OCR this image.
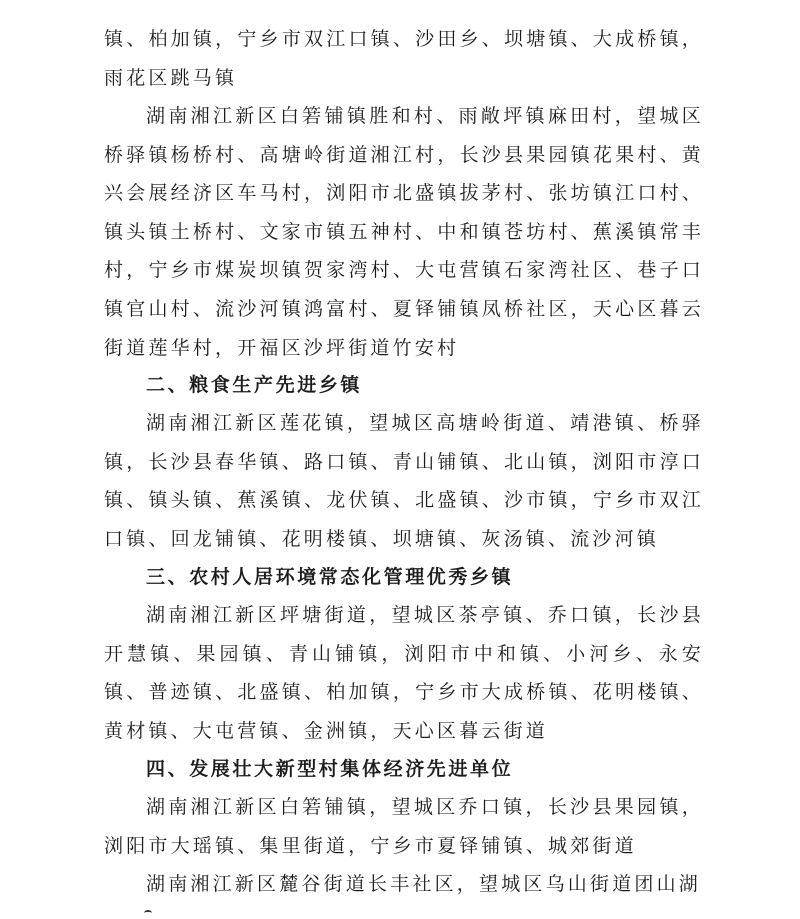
镇、柏加镇，宁乡市双江口镇、沙田乡、坝塘镇、大成桥镇，雨花区跳马镇

湖南湘江新区白箬铺镇胜和村、雨敞坪镇麻田村，望城区桥驿镇杨桥村、高塘岭街道湘江村，长沙县果园镇花果村、黄兴会展经济区车马村，浏阳市北盛镇拔茅村、张坊镇江口村、镇头镇土桥村、文家市镇五神村、中和镇苍坊村、蕉溪镇常丰村，宁乡市煤炭坝镇贺家湾村、大屯营镇石家湾社区、巷子口镇官山村、流沙河镇鸿富村、夏铎铺镇凤桥社区，天心区暮云街道莲华村，开福区沙坪街道竹安村

二、粮食生产先进乡镇

湖南湘江新区莲花镇，望城区高塘岭街道、靖港镇、桥驿镇，长沙县春华镇、路口镇、青山铺镇、北山镇，浏阳市淳口镇、镇头镇、蕉溪镇、龙伏镇、北盛镇、沙市镇，宁乡市双江口镇、回龙铺镇、花明楼镇、坝塘镇、灰汤镇、流沙河镇

三、农村人居环境常态化管理优秀乡镇

湖南湘江新区坪塘街道，望城区茶亭镇、乔口镇，长沙县开慧镇、果园镇、青山铺镇，浏阳市中和镇、小河乡、永安镇、普迹镇、北盛镇、柏加镇，宁乡市大成桥镇、花明楼镇、黄材镇、大屯营镇、金洲镇，天心区暮云街道

四、发展壮大新型村集体经济先进单位

湖南湘江新区白箬铺镇，望城区乔口镇，长沙县果园镇，浏阳市大瑶镇、集里街道，宁乡市夏铎铺镇、城郊街道

湖南湘江新区麓谷街道长丰社区，望城区乌山街道团山湖
